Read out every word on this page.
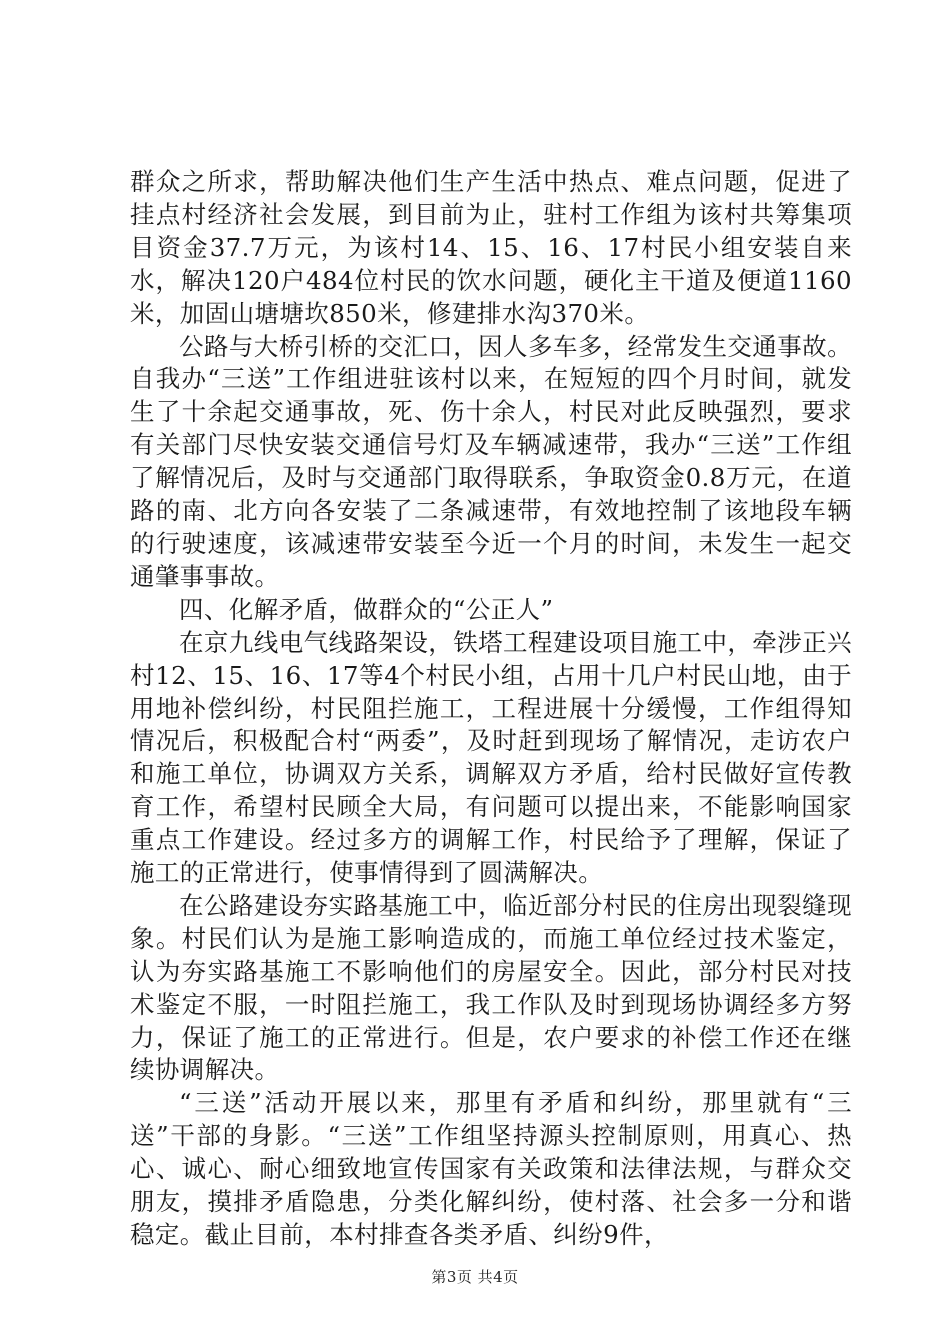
群众之所求，帮助解决他们生产生活中热点、难点问题，促进了挂点村经济社会发展，到目前为止，驻村工作组为该村共筹集项目资金37.7万元，为该村14、15、16、17村民小组安装自来水，解决120户484位村民的饮水问题，硬化主干道及便道1160米，加固山塘塘坎850米，修建排水沟370米。

公路与大桥引桥的交汇口，因人多车多，经常发生交通事故。自我办“三送”工作组进驻该村以来，在短短的四个月时间，就发生了十余起交通事故，死、伤十余人，村民对此反映强烈，要求有关部门尽快安装交通信号灯及车辆减速带，我办“三送”工作组了解情况后，及时与交通部门取得联系，争取资金0.8万元，在道路的南、北方向各安装了二条减速带，有效地控制了该地段车辆的行驶速度，该减速带安装至今近一个月的时间，未发生一起交通肇事事故。

四、化解矛盾，做群众的“公正人”

在京九线电气线路架设，铁塔工程建设项目施工中，牵涉正兴村12、15、16、17等4个村民小组，占用十几户村民山地，由于用地补偿纠纷，村民阻拦施工，工程进展十分缓慢，工作组得知情况后，积极配合村“两委”，及时赶到现场了解情况，走访农户和施工单位，协调双方关系，调解双方矛盾，给村民做好宣传教育工作，希望村民顾全大局，有问题可以提出来，不能影响国家重点工作建设。经过多方的调解工作，村民给予了理解，保证了施工的正常进行，使事情得到了圆满解决。

在公路建设夯实路基施工中，临近部分村民的住房出现裂缝现象。村民们认为是施工影响造成的，而施工单位经过技术鉴定，认为夯实路基施工不影响他们的房屋安全。因此，部分村民对技术鉴定不服，一时阻拦施工，我工作队及时到现场协调经多方努力，保证了施工的正常进行。但是，农户要求的补偿工作还在继续协调解决。

“三送”活动开展以来，那里有矛盾和纠纷，那里就有“三送”干部的身影。“三送”工作组坚持源头控制原则，用真心、热心、诚心、耐心细致地宣传国家有关政策和法律法规，与群众交朋友，摸排矛盾隐患，分类化解纠纷，使村落、社会多一分和谐稳定。截止目前，本村排查各类矛盾、纠纷9件，

第3页 共4页
